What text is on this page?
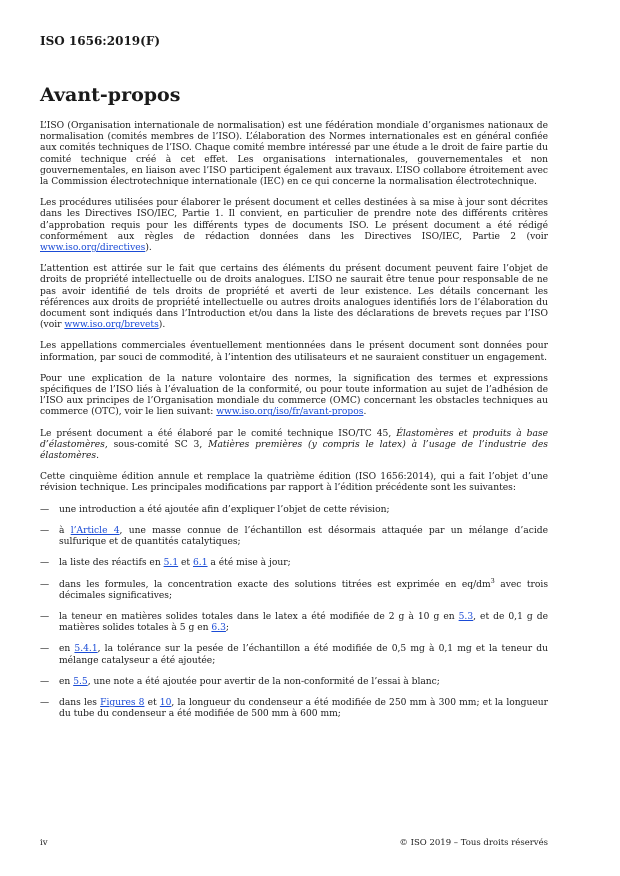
ISO 1656:2019(F)
Avant-propos

L’ISO (Organisation internationale de normalisation) est une fédération mondiale d’organismes nationaux de normalisation (comités membres de l’ISO). L’élaboration des Normes internationales est en général confiée aux comités techniques de l’ISO. Chaque comité membre intéressé par une étude a le droit de faire partie du comité technique créé à cet effet. Les organisations internationales, gouvernementales et non gouvernementales, en liaison avec l’ISO participent également aux travaux. L’ISO collabore étroitement avec la Commission électrotechnique internationale (IEC) en ce qui concerne la normalisation électrotechnique.

Les procédures utilisées pour élaborer le présent document et celles destinées à sa mise à jour sont décrites dans les Directives ISO/IEC, Partie 1. Il convient, en particulier de prendre note des différents critères d’approbation requis pour les différents types de documents ISO. Le présent document a été rédigé conformément aux règles de rédaction données dans les Directives ISO/IEC, Partie 2 (voir www.iso.org/directives).

L’attention est attirée sur le fait que certains des éléments du présent document peuvent faire l’objet de droits de propriété intellectuelle ou de droits analogues. L’ISO ne saurait être tenue pour responsable de ne pas avoir identifié de tels droits de propriété et averti de leur existence. Les détails concernant les références aux droits de propriété intellectuelle ou autres droits analogues identifiés lors de l’élaboration du document sont indiqués dans l’Introduction et/ou dans la liste des déclarations de brevets reçues par l’ISO (voir www.iso.org/brevets).

Les appellations commerciales éventuellement mentionnées dans le présent document sont données pour information, par souci de commodité, à l’intention des utilisateurs et ne sauraient constituer un engagement.

Pour une explication de la nature volontaire des normes, la signification des termes et expressions spécifiques de l’ISO liés à l’évaluation de la conformité, ou pour toute information au sujet de l’adhésion de l’ISO aux principes de l’Organisation mondiale du commerce (OMC) concernant les obstacles techniques au commerce (OTC), voir le lien suivant: www.iso.org/iso/fr/avant-propos.

Le présent document a été élaboré par le comité technique ISO/TC 45, Élastomères et produits à base d’élastomères, sous-comité SC 3, Matières premières (y compris le latex) à l’usage de l’industrie des élastomères.

Cette cinquième édition annule et remplace la quatrième édition (ISO 1656:2014), qui a fait l’objet d’une révision technique. Les principales modifications par rapport à l’édition précédente sont les suivantes:

— une introduction a été ajoutée afin d’expliquer l’objet de cette révision;
— à l’Article 4, une masse connue de l’échantillon est désormais attaquée par un mélange d’acide sulfurique et de quantités catalytiques;
— la liste des réactifs en 5.1 et 6.1 a été mise à jour;
— dans les formules, la concentration exacte des solutions titrées est exprimée en $eq/dm^3$ avec trois décimales significatives;
— la teneur en matières solides totales dans le latex a été modifiée de 2 g à 10 g en 5.3, et de 0,1 g de matières solides totales à 5 g en 6.3;
— en 5.4.1, la tolérance sur la pesée de l’échantillon a été modifiée de 0,5 mg à 0,1 mg et la teneur du mélange catalyseur a été ajoutée;
— en 5.5, une note a été ajoutée pour avertir de la non-conformité de l’essai à blanc;
— dans les Figures 8 et 10, la longueur du condenseur a été modifiée de 250 mm à 300 mm; et la longueur du tube du condenseur a été modifiée de 500 mm à 600 mm;
iv	© ISO 2019 – Tous droits réservés
